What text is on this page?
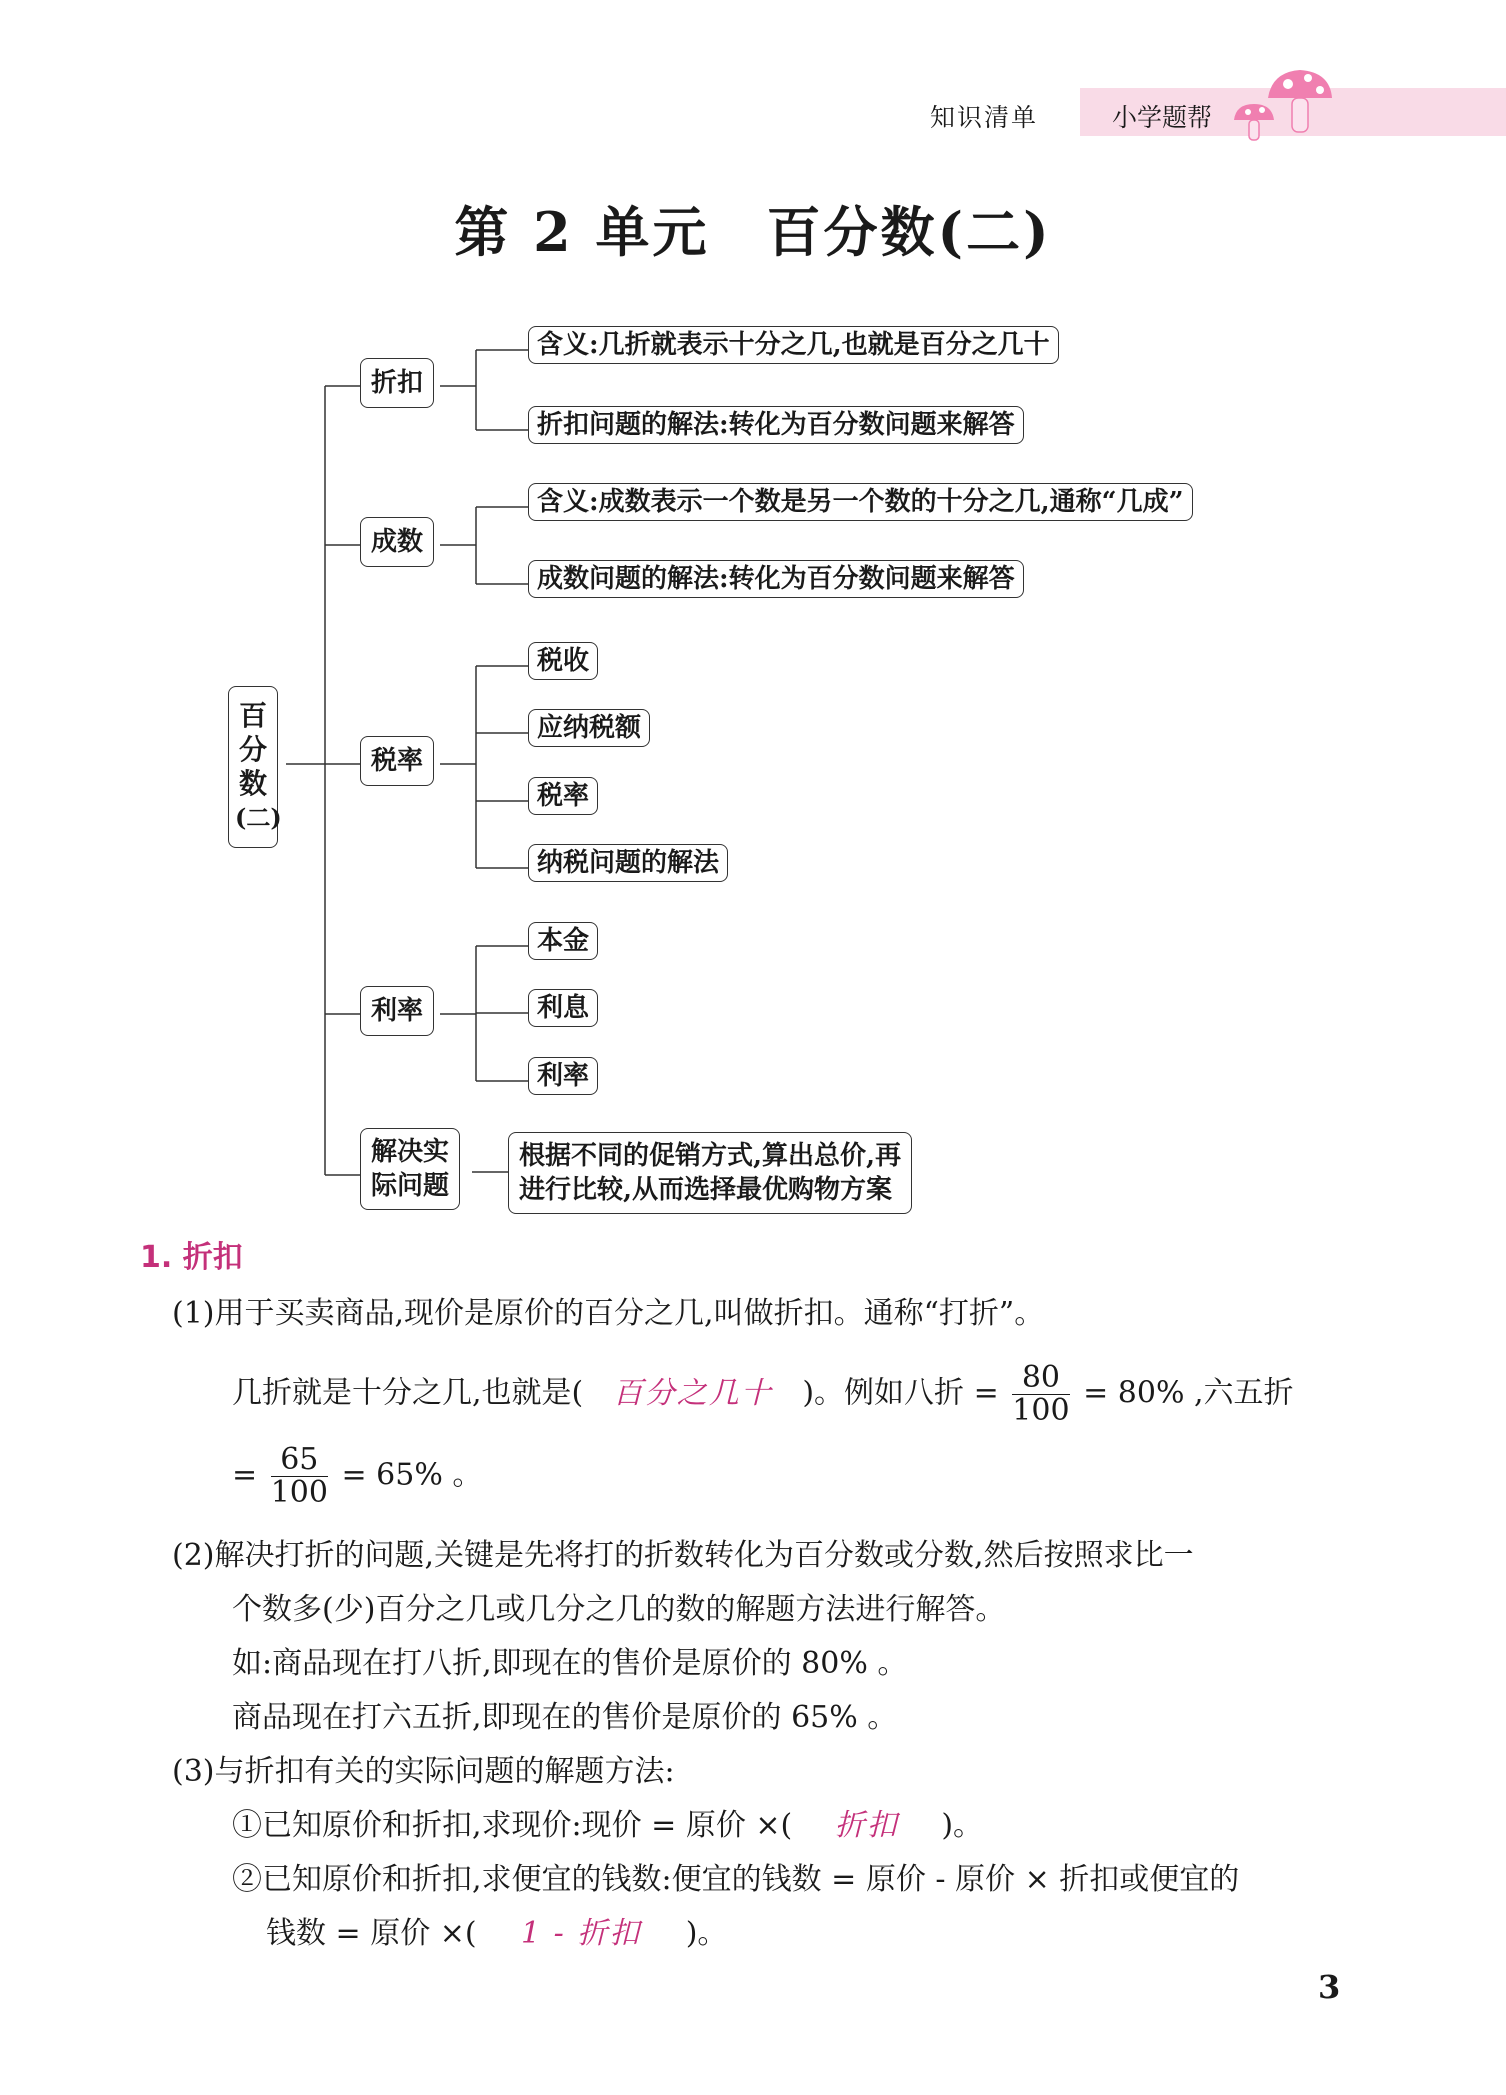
知识清单	小学题帮
第 2 单元　百分数(二)
百
分
数
(二)
折扣
成数
税率
利率
解决实
际问题
含义:几折就表示十分之几,也就是百分之几十
折扣问题的解法:转化为百分数问题来解答
含义:成数表示一个数是另一个数的十分之几,通称“几成”
成数问题的解法:转化为百分数问题来解答
税收
应纳税额
税率
纳税问题的解法
本金
利息
利率
根据不同的促销方式,算出总价,再
进行比较,从而选择最优购物方案
1. 折扣
(1)用于买卖商品,现价是原价的百分之几,叫做折扣。通称“打折”。
几折就是十分之几,也就是( 百分之几十 )。例如八折 = $\frac{80}{100} = 80\%$ ,六五折
= $\frac{65}{100} = 65\%$ 。
(2)解决打折的问题,关键是先将打的折数转化为百分数或分数,然后按照求比一
个数多(少)百分之几或几分之几的数的解题方法进行解答。
如:商品现在打八折,即现在的售价是原价的 80% 。
商品现在打六五折,即现在的售价是原价的 65% 。
(3)与折扣有关的实际问题的解题方法:
①已知原价和折扣,求现价:现价 = 原价 ×( 折扣 )。
②已知原价和折扣,求便宜的钱数:便宜的钱数 = 原价 - 原价 × 折扣或便宜的
钱数 = 原价 ×( 1 - 折扣 )。
3
